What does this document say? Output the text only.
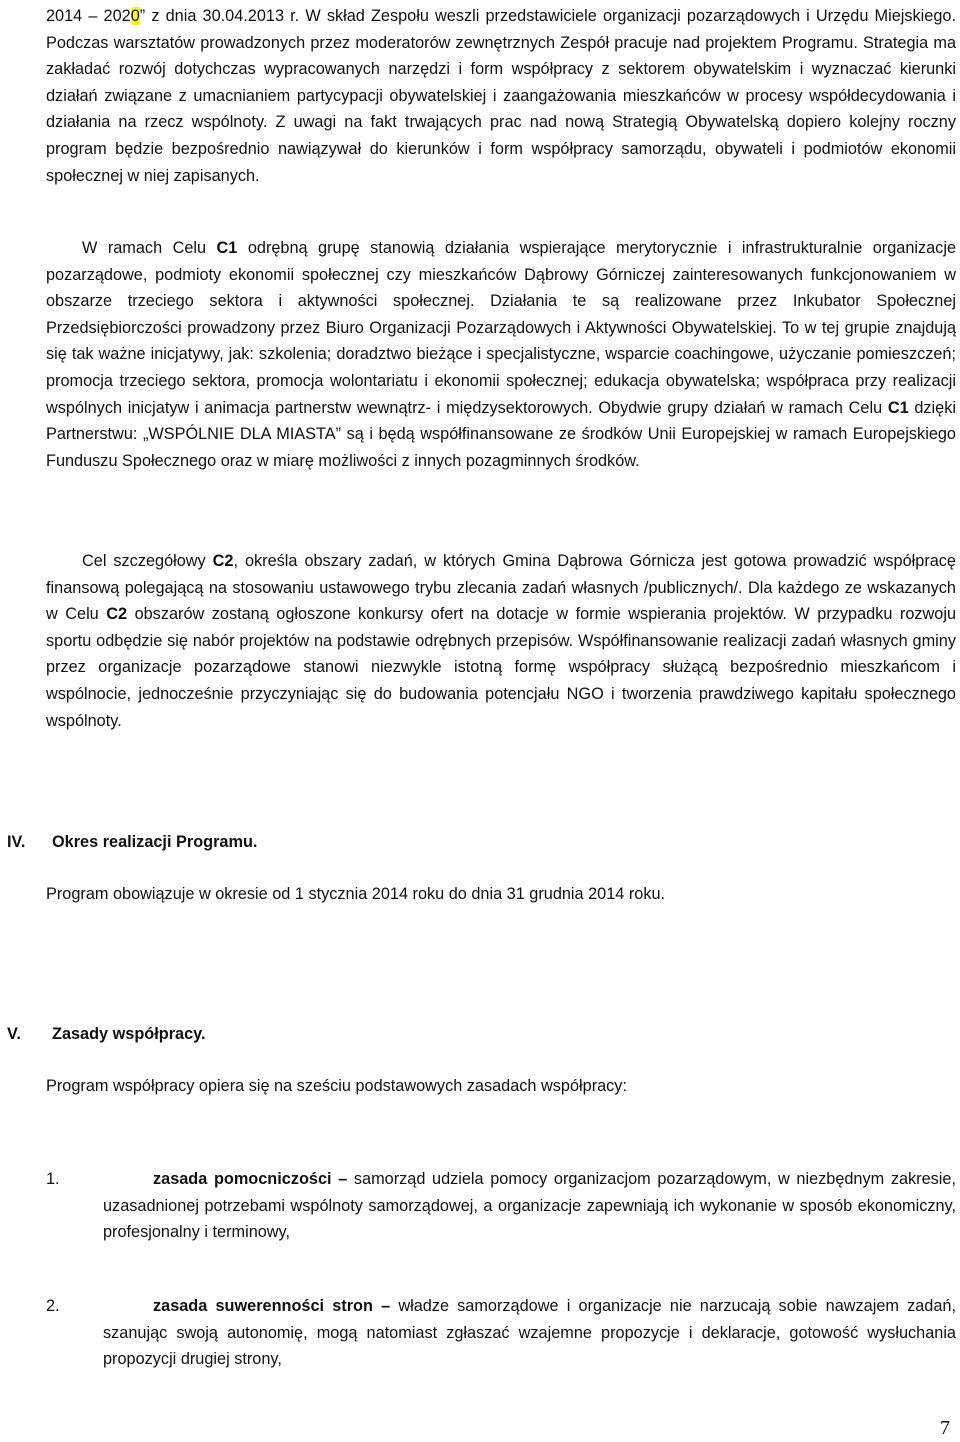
2014 – 2020” z dnia 30.04.2013 r. W skład Zespołu weszli przedstawiciele organizacji pozarządowych i Urzędu Miejskiego. Podczas warsztatów prowadzonych przez moderatorów zewnętrznych Zespół pracuje nad projektem Programu. Strategia ma zakładać rozwój dotychczas wypracowanych narzędzi i form współpracy z sektorem obywatelskim i wyznaczać kierunki działań związane z umacnianiem partycypacji obywatelskiej i zaangażowania mieszkańców w procesy współdecydowania i działania na rzecz wspólnoty. Z uwagi na fakt trwających prac nad nową Strategią Obywatelską dopiero kolejny roczny program będzie bezpośrednio nawiązywał do kierunków i form współpracy samorządu, obywateli i podmiotów ekonomii społecznej w niej zapisanych.

W ramach Celu C1 odrębną grupę stanowią działania wspierające merytorycznie i infrastrukturalnie organizacje pozarządowe, podmioty ekonomii społecznej czy mieszkańców Dąbrowy Górniczej zainteresowanych funkcjonowaniem w obszarze trzeciego sektora i aktywności społecznej. Działania te są realizowane przez Inkubator Społecznej Przedsiębiorczości prowadzony przez Biuro Organizacji Pozarządowych i Aktywności Obywatelskiej. To w tej grupie znajdują się tak ważne inicjatywy, jak: szkolenia; doradztwo bieżące i specjalistyczne, wsparcie coachingowe, użyczanie pomieszczeń; promocja trzeciego sektora, promocja wolontariatu i ekonomii społecznej; edukacja obywatelska; współpraca przy realizacji wspólnych inicjatyw i animacja partnerstw wewnątrz- i międzysektorowych. Obydwie grupy działań w ramach Celu C1 dzięki Partnerstwu: „WSPÓLNIE DLA MIASTA” są i będą współfinansowane ze środków Unii Europejskiej w ramach Europejskiego Funduszu Społecznego oraz w miarę możliwości z innych pozagminnych środków.

Cel szczegółowy C2, określa obszary zadań, w których Gmina Dąbrowa Górnicza jest gotowa prowadzić współpracę finansową polegającą na stosowaniu ustawowego trybu zlecania zadań własnych /publicznych/. Dla każdego ze wskazanych w Celu C2 obszarów zostaną ogłoszone konkursy ofert na dotacje w formie wspierania projektów. W przypadku rozwoju sportu odbędzie się nabór projektów na podstawie odrębnych przepisów. Współfinansowanie realizacji zadań własnych gminy przez organizacje pozarządowe stanowi niezwykle istotną formę współpracy służącą bezpośrednio mieszkańcom i wspólnocie, jednocześnie przyczyniając się do budowania potencjału NGO i tworzenia prawdziwego kapitału społecznego wspólnoty.

IV. Okres realizacji Programu.

Program obowiązuje w okresie od 1 stycznia 2014 roku do dnia 31 grudnia 2014 roku.

V. Zasady współpracy.

Program współpracy opiera się na sześciu podstawowych zasadach współpracy:

1.	zasada pomocniczości – samorząd udziela pomocy organizacjom pozarządowym, w niezbędnym zakresie, uzasadnionej potrzebami wspólnoty samorządowej, a organizacje zapewniają ich wykonanie w sposób ekonomiczny, profesjonalny i terminowy,

2.	zasada suwerenności stron – władze samorządowe i organizacje nie narzucają sobie nawzajem zadań, szanując swoją autonomię, mogą natomiast zgłaszać wzajemne propozycje i deklaracje, gotowość wysłuchania propozycji drugiej strony,

7
